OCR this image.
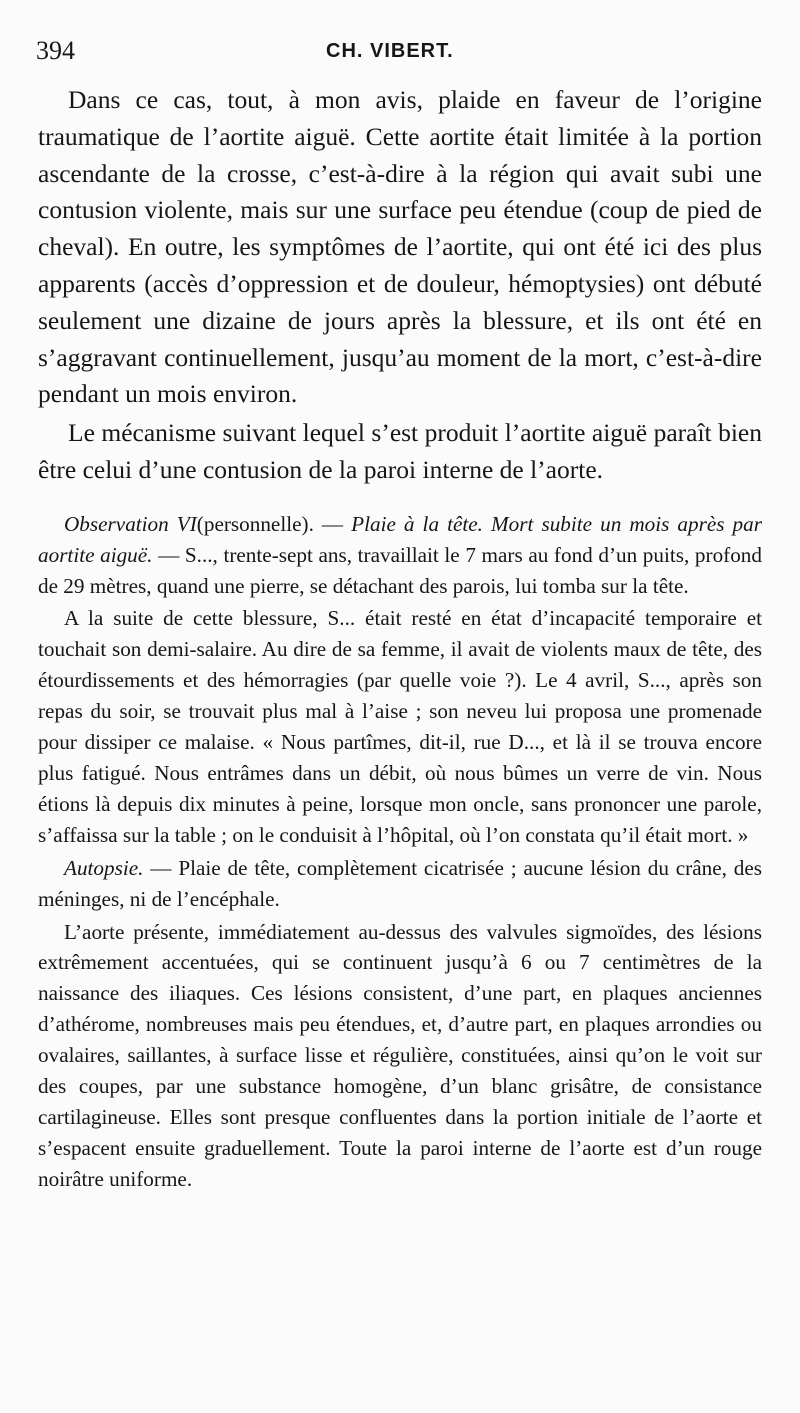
394	CH. VIBERT.

Dans ce cas, tout, à mon avis, plaide en faveur de l’origine traumatique de l’aortite aiguë. Cette aortite était limitée à la portion ascendante de la crosse, c’est-à-dire à la région qui avait subi une contusion violente, mais sur une surface peu étendue (coup de pied de cheval). En outre, les symptômes de l’aortite, qui ont été ici des plus apparents (accès d’oppression et de douleur, hémoptysies) ont débuté seulement une dizaine de jours après la blessure, et ils ont été en s’aggravant continuellement, jusqu’au moment de la mort, c’est-à-dire pendant un mois environ.

Le mécanisme suivant lequel s’est produit l’aortite aiguë paraît bien être celui d’une contusion de la paroi interne de l’aorte.

Observation VI(personnelle). — Plaie à la tête. Mort subite un mois après par aortite aiguë. — S..., trente-sept ans, travaillait le 7 mars au fond d’un puits, profond de 29 mètres, quand une pierre, se détachant des parois, lui tomba sur la tête.

A la suite de cette blessure, S... était resté en état d’incapacité temporaire et touchait son demi-salaire. Au dire de sa femme, il avait de violents maux de tête, des étourdissements et des hémorragies (par quelle voie ?). Le 4 avril, S..., après son repas du soir, se trouvait plus mal à l’aise ; son neveu lui proposa une promenade pour dissiper ce malaise. « Nous partîmes, dit-il, rue D..., et là il se trouva encore plus fatigué. Nous entrâmes dans un débit, où nous bûmes un verre de vin. Nous étions là depuis dix minutes à peine, lorsque mon oncle, sans prononcer une parole, s’affaissa sur la table ; on le conduisit à l’hôpital, où l’on constata qu’il était mort. »

Autopsie. — Plaie de tête, complètement cicatrisée ; aucune lésion du crâne, des méninges, ni de l’encéphale.

L’aorte présente, immédiatement au-dessus des valvules sigmoïdes, des lésions extrêmement accentuées, qui se continuent jusqu’à 6 ou 7 centimètres de la naissance des iliaques. Ces lésions consistent, d’une part, en plaques anciennes d’athérome, nombreuses mais peu étendues, et, d’autre part, en plaques arrondies ou ovalaires, saillantes, à surface lisse et régulière, constituées, ainsi qu’on le voit sur des coupes, par une substance homogène, d’un blanc grisâtre, de consistance cartilagineuse. Elles sont presque confluentes dans la portion initiale de l’aorte et s’espacent ensuite graduellement. Toute la paroi interne de l’aorte est d’un rouge noirâtre uniforme.
